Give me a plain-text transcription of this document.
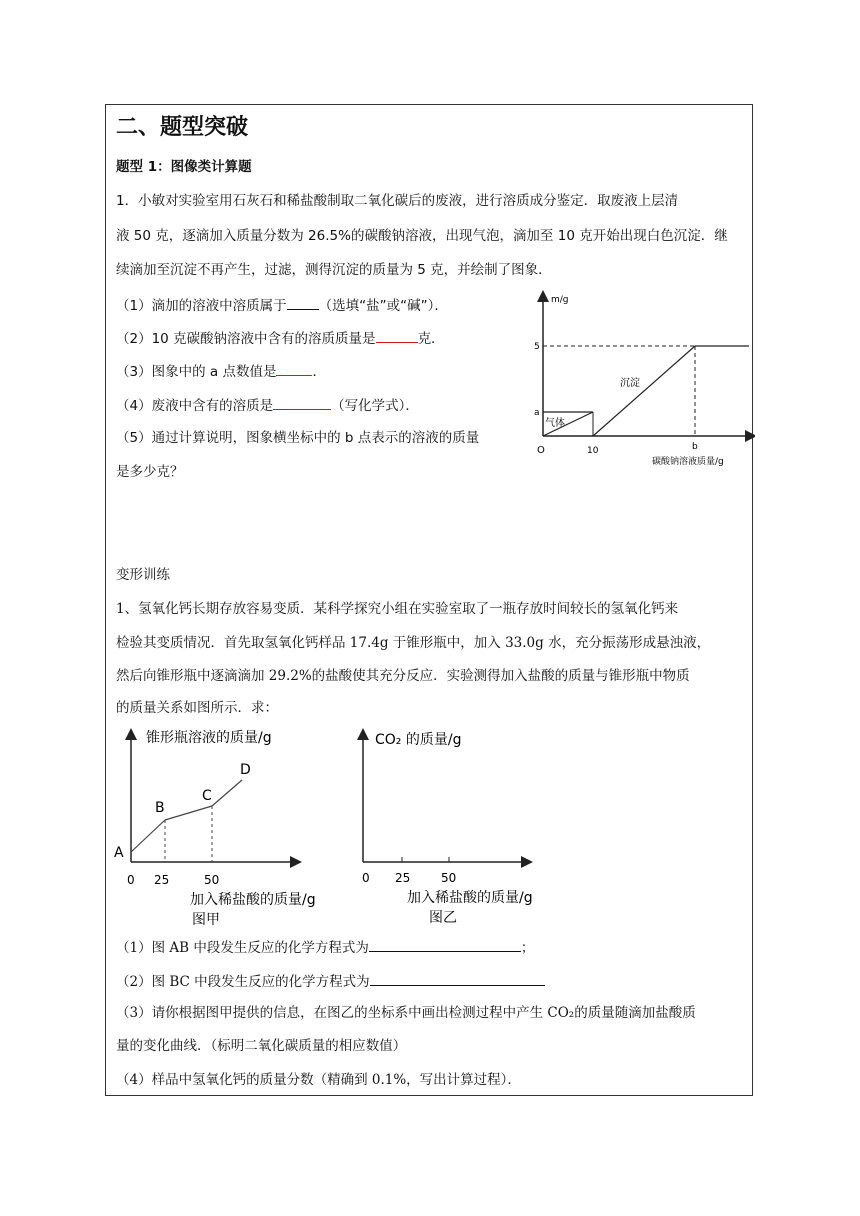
二、题型突破
题型 1：图像类计算题
1．小敏对实验室用石灰石和稀盐酸制取二氧化碳后的废液，进行溶质成分鉴定．取废液上层清
液 50 克，逐滴加入质量分数为 26.5%的碳酸钠溶液，出现气泡，滴加至 10 克开始出现白色沉淀．继
续滴加至沉淀不再产生，过滤，测得沉淀的质量为 5 克，并绘制了图象．
（1）滴加的溶液中溶质属于 （选填“盐”或“碱”）．
（2）10 克碳酸钠溶液中含有的溶质质量是	克．
（3）图象中的 a 点数值是	．
（4）废液中含有的溶质是	（写化学式）．
（5）通过计算说明，图象横坐标中的 b 点表示的溶液的质量
是多少克？
m/g
5
a
O	10	b
碳酸钠溶液质量/g
气体
沉淀
变形训练
1、氢氧化钙长期存放容易变质．某科学探究小组在实验室取了一瓶存放时间较长的氢氧化钙来
检验其变质情况．首先取氢氧化钙样品 17.4g 于锥形瓶中，加入 33.0g 水，充分振荡形成悬浊液，
然后向锥形瓶中逐滴滴加 29.2%的盐酸使其充分反应．实验测得加入盐酸的质量与锥形瓶中物质
的质量关系如图所示．求：
锥形瓶溶液的质量/g
A
B
C
D
0 25	50
加入稀盐酸的质量/g
图甲
CO₂ 的质量/g
0 25	50
加入稀盐酸的质量/g
图乙
（1）图 AB 中段发生反应的化学方程式为	；
（2）图 BC 中段发生反应的化学方程式为
（3）请你根据图甲提供的信息，在图乙的坐标系中画出检测过程中产生 CO₂的质量随滴加盐酸质
量的变化曲线．（标明二氧化碳质量的相应数值）
（4）样品中氢氧化钙的质量分数（精确到 0.1%，写出计算过程）．
